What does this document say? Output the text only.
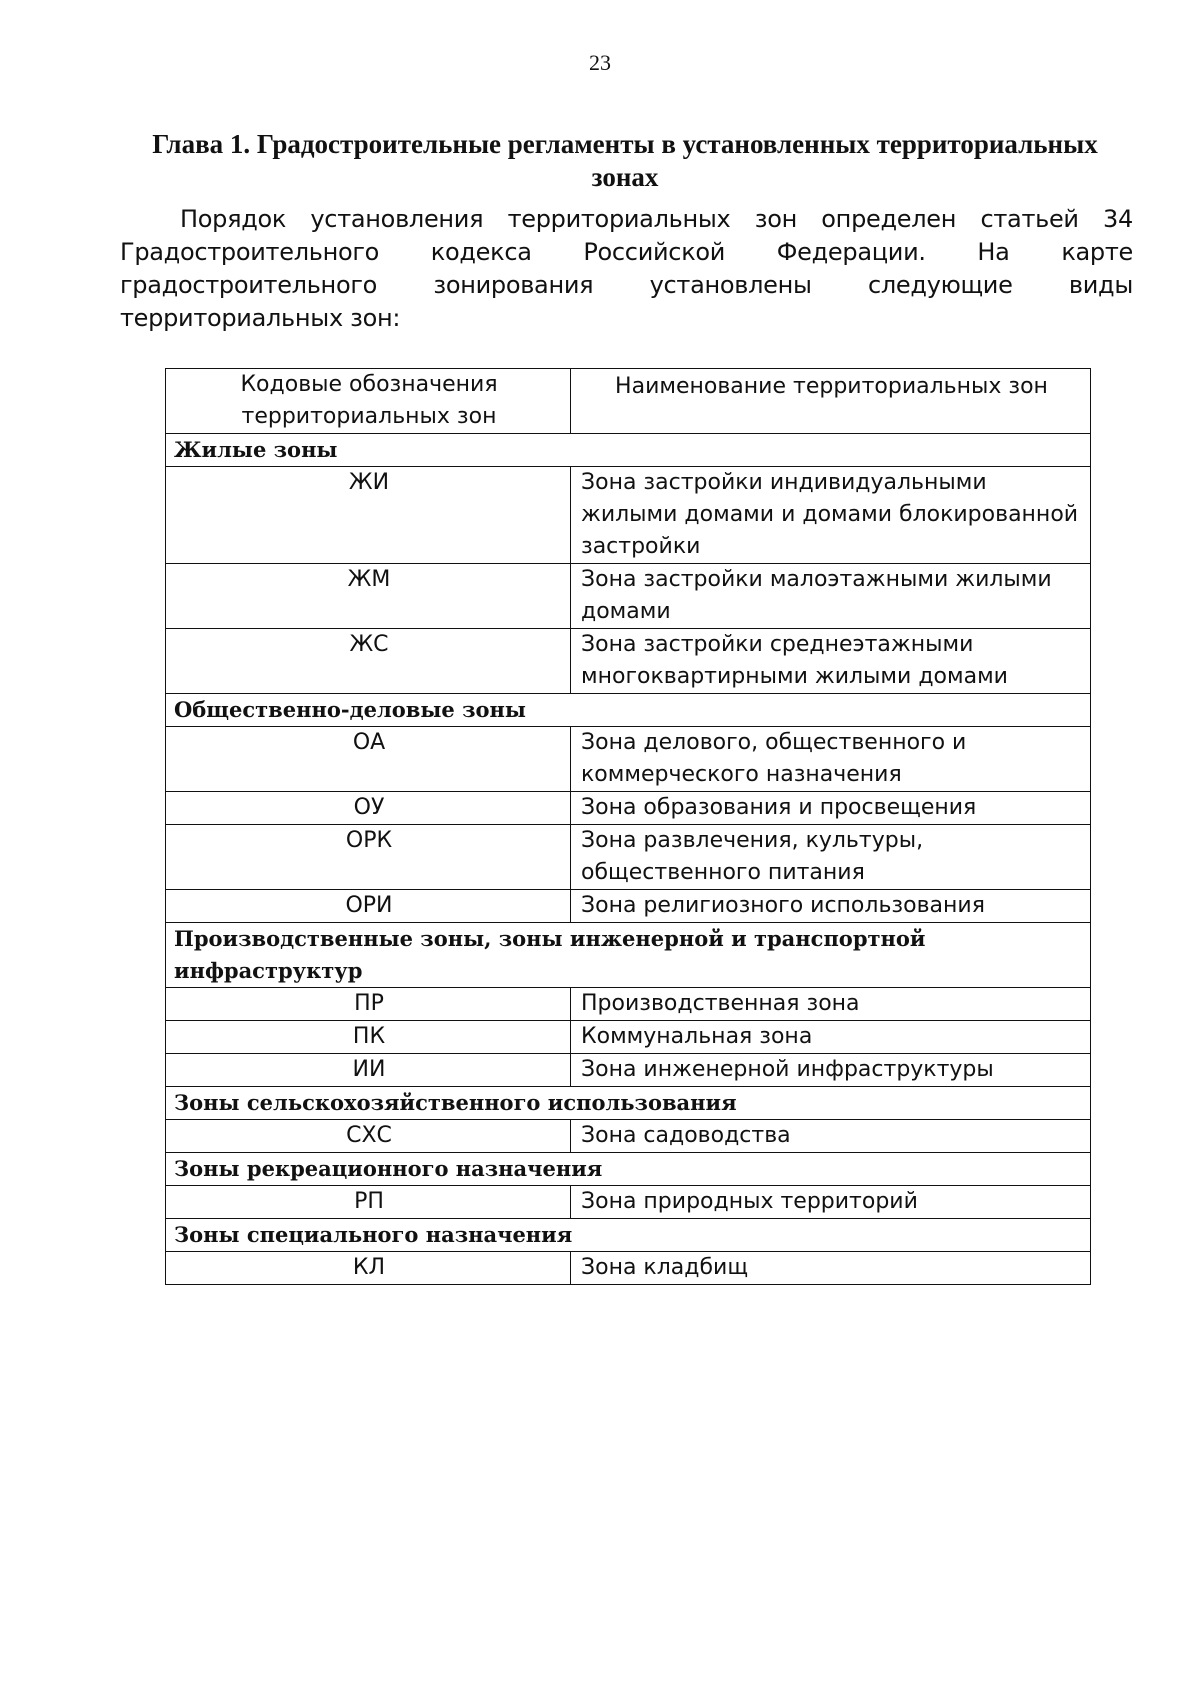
23
Глава 1. Градостроительные регламенты в установленных территориальных зонах

Порядок установления территориальных зон определен статьей 34 Градостроительного кодекса Российской Федерации. На карте градостроительного зонирования установлены следующие виды территориальных зон:

Кодовые обозначения территориальных зон	Наименование территориальных зон
Жилые зоны	
ЖИ	Зона застройки индивидуальными жилыми домами и домами блокированной застройки
ЖМ	Зона застройки малоэтажными жилыми домами
ЖС	Зона застройки среднеэтажными многоквартирными жилыми домами
Общественно-деловые зоны	
ОА	Зона делового, общественного и коммерческого назначения
ОУ	Зона образования и просвещения
ОРК	Зона развлечения, культуры, общественного питания
ОРИ	Зона религиозного использования
Производственные зоны, зоны инженерной и транспортной инфраструктур	
ПР	Производственная зона
ПК	Коммунальная зона
ИИ	Зона инженерной инфраструктуры
Зоны сельскохозяйственного использования	
СХС	Зона садоводства
Зоны рекреационного назначения	
РП	Зона природных территорий
Зоны специального назначения	
КЛ	Зона кладбищ
